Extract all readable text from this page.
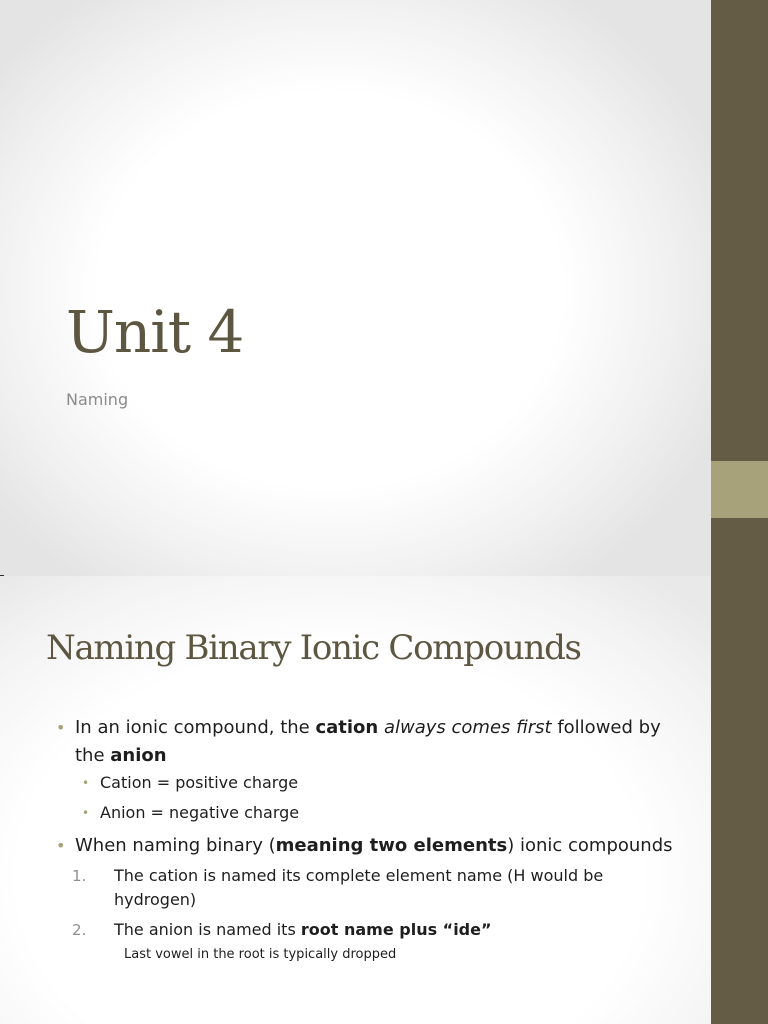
Unit 4
Naming
Naming Binary Ionic Compounds
• In an ionic compound, the cation always comes first followed by the anion
• Cation = positive charge
• Anion = negative charge
• When naming binary (meaning two elements) ionic compounds
1. The cation is named its complete element name (H would be hydrogen)
2. The anion is named its root name plus “ide”
Last vowel in the root is typically dropped
